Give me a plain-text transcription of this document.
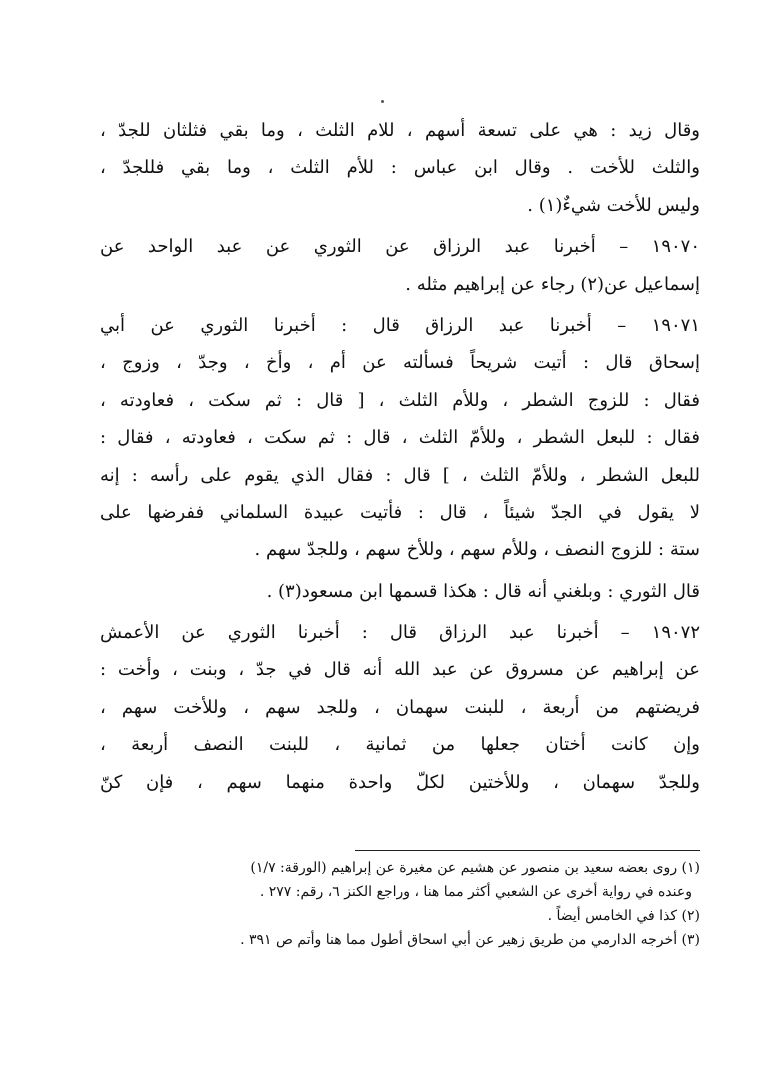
وقال زيد : هي على تسعة أسهم ، للام الثلث ، وما بقي فثلثان للجدّ ،
والثلث للأخت . وقال ابن عباس : للأم الثلث ، وما بقي فللجدّ ،
وليس للأخت شيءٌ(١) .
١٩٠٧٠ – أخبرنا عبد الرزاق عن الثوري عن عبد الواحد عن
إسماعيل عن(٢) رجاء عن إبراهيم مثله .
١٩٠٧١ – أخبرنا عبد الرزاق قال : أخبرنا الثوري عن أبي
إسحاق قال : أتيت شريحاً فسألته عن أم ، وأخ ، وجدّ ، وزوج ،
فقال : للزوج الشطر ، وللأم الثلث ، [ قال : ثم سكت ، فعاودته ،
فقال : للبعل الشطر ، وللأمّ الثلث ، قال : ثم سكت ، فعاودته ، فقال :
للبعل الشطر ، وللأمّ الثلث ، ] قال : فقال الذي يقوم على رأسه : إنه
لا يقول في الجدّ شيئاً ، قال : فأتيت عبيدة السلماني ففرضها على
ستة : للزوج النصف ، وللأم سهم ، وللأخ سهم ، وللجدّ سهم .
قال الثوري : وبلغني أنه قال : هكذا قسمها ابن مسعود(٣) .
١٩٠٧٢ – أخبرنا عبد الرزاق قال : أخبرنا الثوري عن الأعمش
عن إبراهيم عن مسروق عن عبد الله أنه قال في جدّ ، وبنت ، وأخت :
فريضتهم من أربعة ، للبنت سهمان ، وللجد سهم ، وللأخت سهم ،
وإن كانت أختان جعلها من ثمانية ، للبنت النصف أربعة ،
وللجدّ سهمان ، وللأختين لكلّ واحدة منهما سهم ، فإن كنّ
(١) روى بعضه سعيد بن منصور عن هشيم عن مغيرة عن إبراهيم (الورقة: ١/٧)
وعنده في رواية أخرى عن الشعبي أكثر مما هنا ، وراجع الكنز ٦، رقم: ٢٧٧ .
(٢) كذا في الخامس أيضاً .
(٣) أخرجه الدارمي من طريق زهير عن أبي اسحاق أطول مما هنا وأتم ص ٣٩١ .
